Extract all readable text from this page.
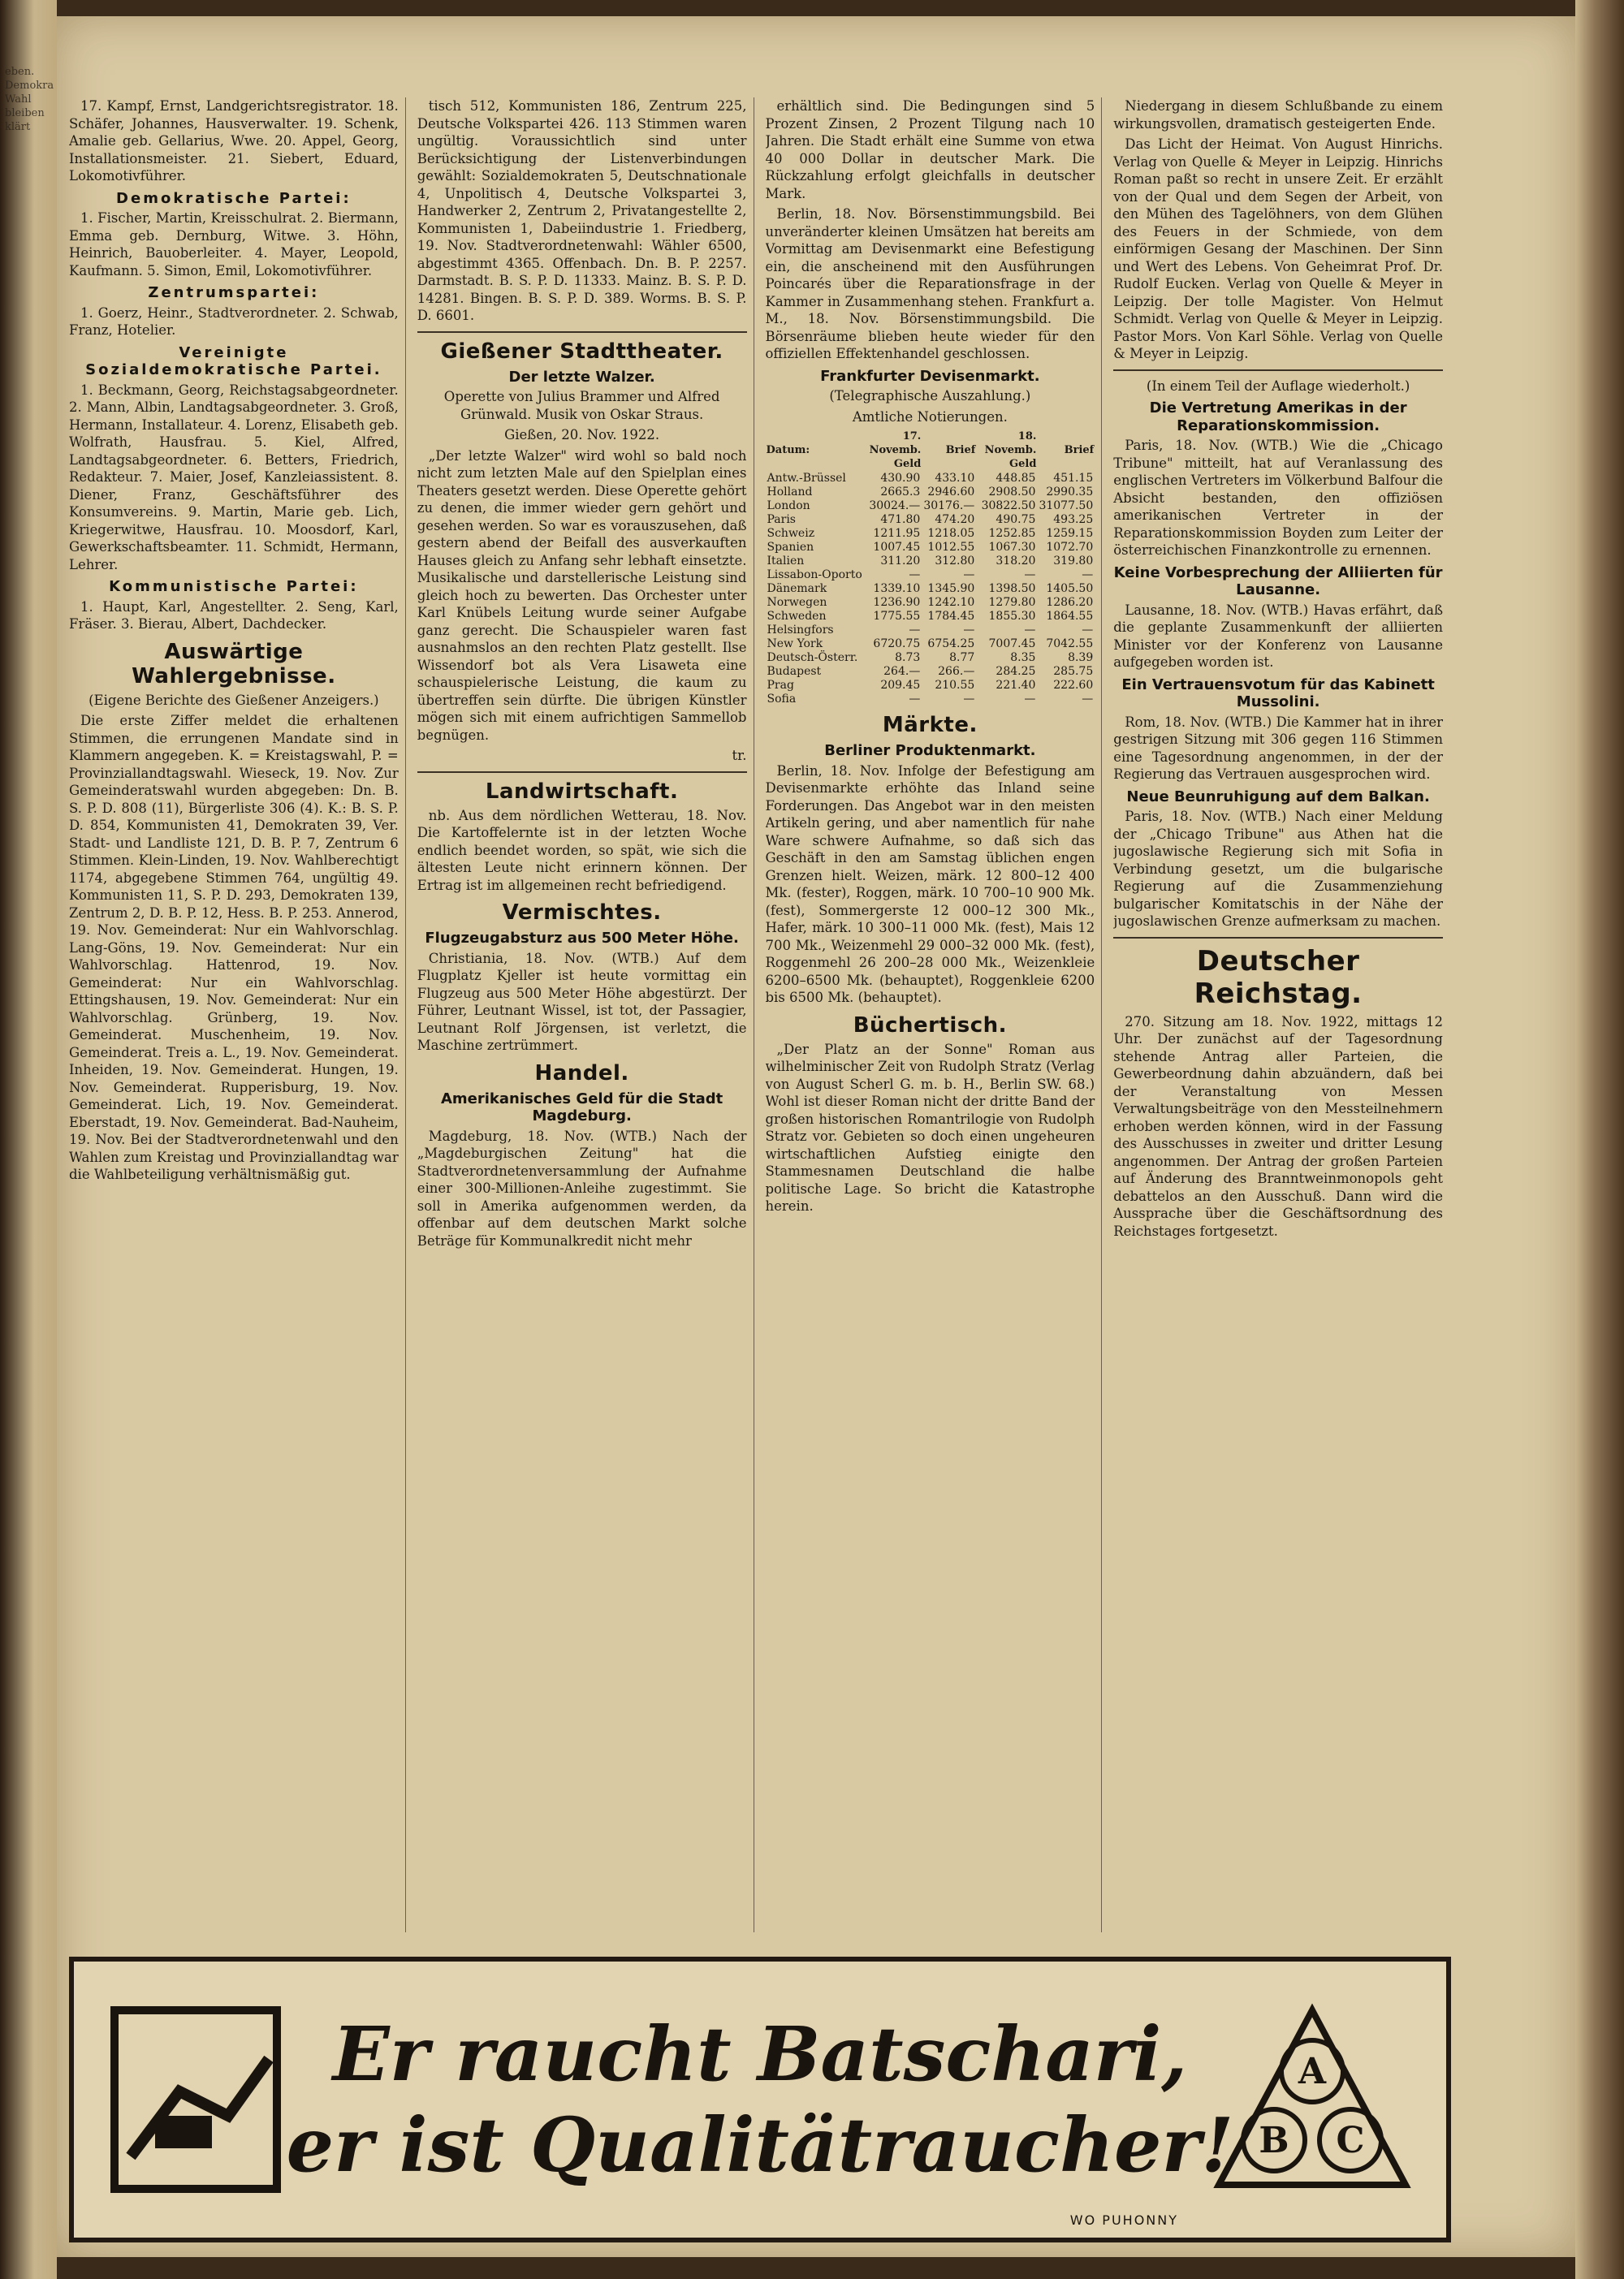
eben.
Demokra
Wahl
bleiben
klärt

17. Kampf, Ernst, Landgerichtsregistrator. 18. Schäfer, Johannes, Hausverwalter. 19. Schenk, Amalie geb. Gellarius, Wwe. 20. Appel, Georg, Installationsmeister. 21. Siebert, Eduard, Lokomotivführer.

Demokratische Partei:

1. Fischer, Martin, Kreisschulrat. 2. Biermann, Emma geb. Dernburg, Witwe. 3. Höhn, Heinrich, Bauoberleiter. 4. Mayer, Leopold, Kaufmann. 5. Simon, Emil, Lokomotivführer.

Zentrumspartei:

1. Goerz, Heinr., Stadtverordneter. 2. Schwab, Franz, Hotelier.

Vereinigte Sozialdemokratische Partei.

1. Beckmann, Georg, Reichstagsabgeordneter. 2. Mann, Albin, Landtagsabgeordneter. 3. Groß, Hermann, Installateur. 4. Lorenz, Elisabeth geb. Wolfrath, Hausfrau. 5. Kiel, Alfred, Landtagsabgeordneter. 6. Betters, Friedrich, Redakteur. 7. Maier, Josef, Kanzleiassistent. 8. Diener, Franz, Geschäftsführer des Konsumvereins. 9. Martin, Marie geb. Lich, Kriegerwitwe, Hausfrau. 10. Moosdorf, Karl, Gewerkschaftsbeamter. 11. Schmidt, Hermann, Lehrer.

Kommunistische Partei:

1. Haupt, Karl, Angestellter. 2. Seng, Karl, Fräser. 3. Bierau, Albert, Dachdecker.

Auswärtige Wahlergebnisse.

(Eigene Berichte des Gießener Anzeigers.)

Die erste Ziffer meldet die erhaltenen Stimmen, die errungenen Mandate sind in Klammern angegeben. K. = Kreistagswahl, P. = Provinziallandtagswahl. Wieseck, 19. Nov. Zur Gemeinderatswahl wurden abgegeben: Dn. B. S. P. D. 808 (11), Bürgerliste 306 (4). K.: B. S. P. D. 854, Kommunisten 41, Demokraten 39, Ver. Stadt- und Landliste 121, D. B. P. 7, Zentrum 6 Stimmen. Klein-Linden, 19. Nov. Wahlberechtigt 1174, abgegebene Stimmen 764, ungültig 49. Kommunisten 11, S. P. D. 293, Demokraten 139, Zentrum 2, D. B. P. 12, Hess. B. P. 253. Annerod, 19. Nov. Gemeinderat: Nur ein Wahlvorschlag. Lang-Göns, 19. Nov. Gemeinderat: Nur ein Wahlvorschlag. Hattenrod, 19. Nov. Gemeinderat: Nur ein Wahlvorschlag. Ettingshausen, 19. Nov. Gemeinderat: Nur ein Wahlvorschlag. Grünberg, 19. Nov. Gemeinderat. Muschenheim, 19. Nov. Gemeinderat. Treis a. L., 19. Nov. Gemeinderat. Inheiden, 19. Nov. Gemeinderat. Hungen, 19. Nov. Gemeinderat. Rupperisburg, 19. Nov. Gemeinderat. Lich, 19. Nov. Gemeinderat. Eberstadt, 19. Nov. Gemeinderat. Bad-Nauheim, 19. Nov. Bei der Stadtverordnetenwahl und den Wahlen zum Kreistag und Provinziallandtag war die Wahlbeteiligung verhältnismäßig gut.

tisch 512, Kommunisten 186, Zentrum 225, Deutsche Volkspartei 426. 113 Stimmen waren ungültig. Voraussichtlich sind unter Berücksichtigung der Listenverbindungen gewählt: Sozialdemokraten 5, Deutschnationale 4, Unpolitisch 4, Deutsche Volkspartei 3, Handwerker 2, Zentrum 2, Privatangestellte 2, Kommunisten 1, Dabeiindustrie 1. Friedberg, 19. Nov. Stadtverordnetenwahl: Wähler 6500, abgestimmt 4365. Offenbach. Dn. B. P. 2257. Darmstadt. B. S. P. D. 11333. Mainz. B. S. P. D. 14281. Bingen. B. S. P. D. 389. Worms. B. S. P. D. 6601.

Gießener Stadttheater.
Der letzte Walzer.

Operette von Julius Brammer und Alfred Grünwald. Musik von Oskar Straus.

Gießen, 20. Nov. 1922.

„Der letzte Walzer" wird wohl so bald noch nicht zum letzten Male auf den Spielplan eines Theaters gesetzt werden. Diese Operette gehört zu denen, die immer wieder gern gehört und gesehen werden. So war es vorauszusehen, daß gestern abend der Beifall des ausverkauften Hauses gleich zu Anfang sehr lebhaft einsetzte. Musikalische und darstellerische Leistung sind gleich hoch zu bewerten. Das Orchester unter Karl Knübels Leitung wurde seiner Aufgabe ganz gerecht. Die Schauspieler waren fast ausnahmslos an den rechten Platz gestellt. Ilse Wissendorf bot als Vera Lisaweta eine schauspielerische Leistung, die kaum zu übertreffen sein dürfte. Die übrigen Künstler mögen sich mit einem aufrichtigen Sammellob begnügen.

tr.

Landwirtschaft.

nb. Aus dem nördlichen Wetterau, 18. Nov. Die Kartoffelernte ist in der letzten Woche endlich beendet worden, so spät, wie sich die ältesten Leute nicht erinnern können. Der Ertrag ist im allgemeinen recht befriedigend.

Vermischtes.
Flugzeugabsturz aus 500 Meter Höhe.

Christiania, 18. Nov. (WTB.) Auf dem Flugplatz Kjeller ist heute vormittag ein Flugzeug aus 500 Meter Höhe abgestürzt. Der Führer, Leutnant Wissel, ist tot, der Passagier, Leutnant Rolf Jörgensen, ist verletzt, die Maschine zertrümmert.

Handel.
Amerikanisches Geld für die Stadt Magdeburg.

Magdeburg, 18. Nov. (WTB.) Nach der „Magdeburgischen Zeitung" hat die Stadtverordnetenversammlung der Aufnahme einer 300-Millionen-Anleihe zugestimmt. Sie soll in Amerika aufgenommen werden, da offenbar auf dem deutschen Markt solche Beträge für Kommunalkredit nicht mehr

erhältlich sind. Die Bedingungen sind 5 Prozent Zinsen, 2 Prozent Tilgung nach 10 Jahren. Die Stadt erhält eine Summe von etwa 40 000 Dollar in deutscher Mark. Die Rückzahlung erfolgt gleichfalls in deutscher Mark.

Berlin, 18. Nov. Börsenstimmungsbild. Bei unveränderter kleinen Umsätzen hat bereits am Vormittag am Devisenmarkt eine Befestigung ein, die anscheinend mit den Ausführungen Poincarés über die Reparationsfrage in der Kammer in Zusammenhang stehen. Frankfurt a. M., 18. Nov. Börsenstimmungsbild. Die Börsenräume blieben heute wieder für den offiziellen Effektenhandel geschlossen.

Frankfurter Devisenmarkt.

(Telegraphische Auszahlung.)

Amtliche Notierungen.

Datum:	17. Novemb. Geld	Brief	18. Novemb. Geld	Brief
Antw.-Brüssel	430.90	433.10	448.85	451.15
Holland	2665.3	2946.60	2908.50	2990.35
London	30024.—	30176.—	30822.50	31077.50
Paris	471.80	474.20	490.75	493.25
Schweiz	1211.95	1218.05	1252.85	1259.15
Spanien	1007.45	1012.55	1067.30	1072.70
Italien	311.20	312.80	318.20	319.80
Lissabon-Oporto	—	—	—	—
Dänemark	1339.10	1345.90	1398.50	1405.50
Norwegen	1236.90	1242.10	1279.80	1286.20
Schweden	1775.55	1784.45	1855.30	1864.55
Helsingfors	—	—	—	—
New York	6720.75	6754.25	7007.45	7042.55
Deutsch-Österr.	8.73	8.77	8.35	8.39
Budapest	264.—	266.—	284.25	285.75
Prag	209.45	210.55	221.40	222.60
Sofia	—	—	—	—
Märkte.
Berliner Produktenmarkt.

Berlin, 18. Nov. Infolge der Befestigung am Devisenmarkte erhöhte das Inland seine Forderungen. Das Angebot war in den meisten Artikeln gering, und aber namentlich für nahe Ware schwere Aufnahme, so daß sich das Geschäft in den am Samstag üblichen engen Grenzen hielt. Weizen, märk. 12 800–12 400 Mk. (fester), Roggen, märk. 10 700–10 900 Mk. (fest), Sommergerste 12 000–12 300 Mk., Hafer, märk. 10 300–11 000 Mk. (fest), Mais 12 700 Mk., Weizenmehl 29 000–32 000 Mk. (fest), Roggenmehl 26 200–28 000 Mk., Weizenkleie 6200–6500 Mk. (behauptet), Roggenkleie 6200 bis 6500 Mk. (behauptet).

Büchertisch.

„Der Platz an der Sonne" Roman aus wilhelminischer Zeit von Rudolph Stratz (Verlag von August Scherl G. m. b. H., Berlin SW. 68.) Wohl ist dieser Roman nicht der dritte Band der großen historischen Romantrilogie von Rudolph Stratz vor. Gebieten so doch einen ungeheuren wirtschaftlichen Aufstieg einigte den Stammesnamen Deutschland die halbe politische Lage. So bricht die Katastrophe herein.

Niedergang in diesem Schlußbande zu einem wirkungsvollen, dramatisch gesteigerten Ende.

Das Licht der Heimat. Von August Hinrichs. Verlag von Quelle & Meyer in Leipzig. Hinrichs Roman paßt so recht in unsere Zeit. Er erzählt von der Qual und dem Segen der Arbeit, von den Mühen des Tagelöhners, von dem Glühen des Feuers in der Schmiede, von dem einförmigen Gesang der Maschinen. Der Sinn und Wert des Lebens. Von Geheimrat Prof. Dr. Rudolf Eucken. Verlag von Quelle & Meyer in Leipzig. Der tolle Magister. Von Helmut Schmidt. Verlag von Quelle & Meyer in Leipzig. Pastor Mors. Von Karl Söhle. Verlag von Quelle & Meyer in Leipzig.

(In einem Teil der Auflage wiederholt.)

Die Vertretung Amerikas in der Reparationskommission.

Paris, 18. Nov. (WTB.) Wie die „Chicago Tribune" mitteilt, hat auf Veranlassung des englischen Vertreters im Völkerbund Balfour die Absicht bestanden, den offiziösen amerikanischen Vertreter in der Reparationskommission Boyden zum Leiter der österreichischen Finanzkontrolle zu ernennen.

Keine Vorbesprechung der Alliierten für Lausanne.

Lausanne, 18. Nov. (WTB.) Havas erfährt, daß die geplante Zusammenkunft der alliierten Minister vor der Konferenz von Lausanne aufgegeben worden ist.

Ein Vertrauensvotum für das Kabinett Mussolini.

Rom, 18. Nov. (WTB.) Die Kammer hat in ihrer gestrigen Sitzung mit 306 gegen 116 Stimmen eine Tagesordnung angenommen, in der der Regierung das Vertrauen ausgesprochen wird.

Neue Beunruhigung auf dem Balkan.

Paris, 18. Nov. (WTB.) Nach einer Meldung der „Chicago Tribune" aus Athen hat die jugoslawische Regierung sich mit Sofia in Verbindung gesetzt, um die bulgarische Regierung auf die Zusammenziehung bulgarischer Komitatschis in der Nähe der jugoslawischen Grenze aufmerksam zu machen.

Deutscher Reichstag.

270. Sitzung am 18. Nov. 1922, mittags 12 Uhr. Der zunächst auf der Tagesordnung stehende Antrag aller Parteien, die Gewerbeordnung dahin abzuändern, daß bei der Veranstaltung von Messen Verwaltungsbeiträge von den Messteilnehmern erhoben werden können, wird in der Fassung des Ausschusses in zweiter und dritter Lesung angenommen. Der Antrag der großen Parteien auf Änderung des Branntweinmonopols geht debattelos an den Ausschuß. Dann wird die Aussprache über die Geschäftsordnung des Reichstages fortgesetzt.

Er raucht Batschari,
er ist Qualitätraucher!
A
B C
WO PUHONNY
